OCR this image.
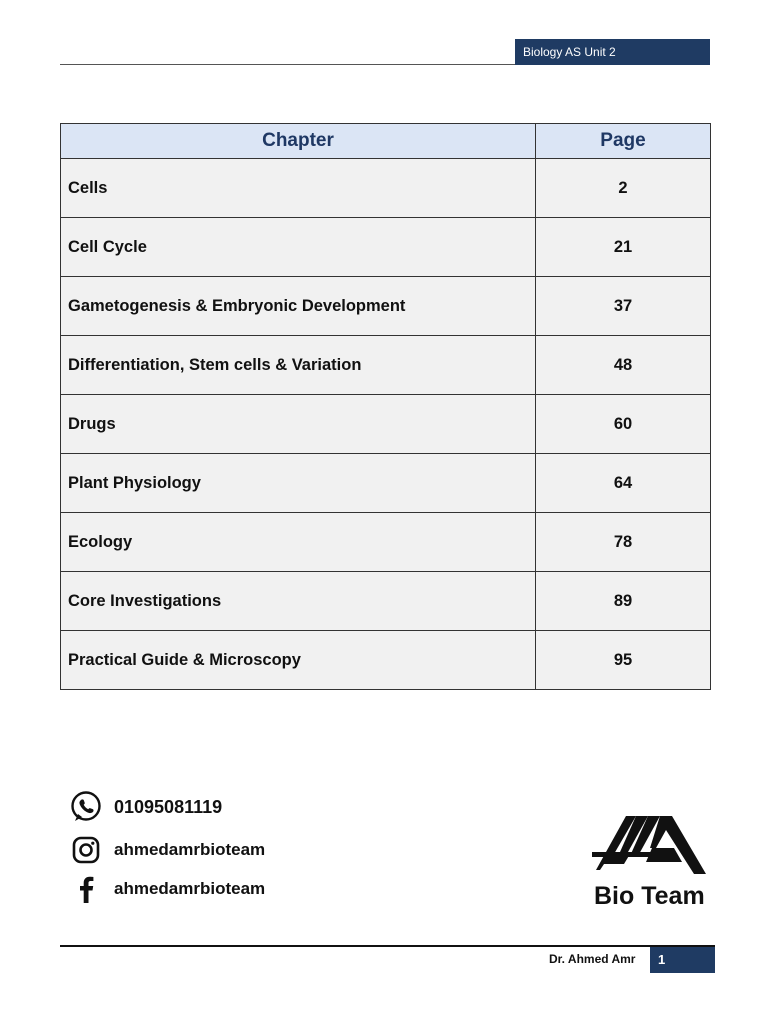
Biology AS Unit 2
Chapter	Page
Cells	2
Cell Cycle	21
Gametogenesis & Embryonic Development	37
Differentiation, Stem cells & Variation	48
Drugs	60
Plant Physiology	64
Ecology	78
Core Investigations	89
Practical Guide & Microscopy	95
01095081119
ahmedamrbioteam
ahmedamrbioteam	Bio Team
Dr. Ahmed Amr	1
